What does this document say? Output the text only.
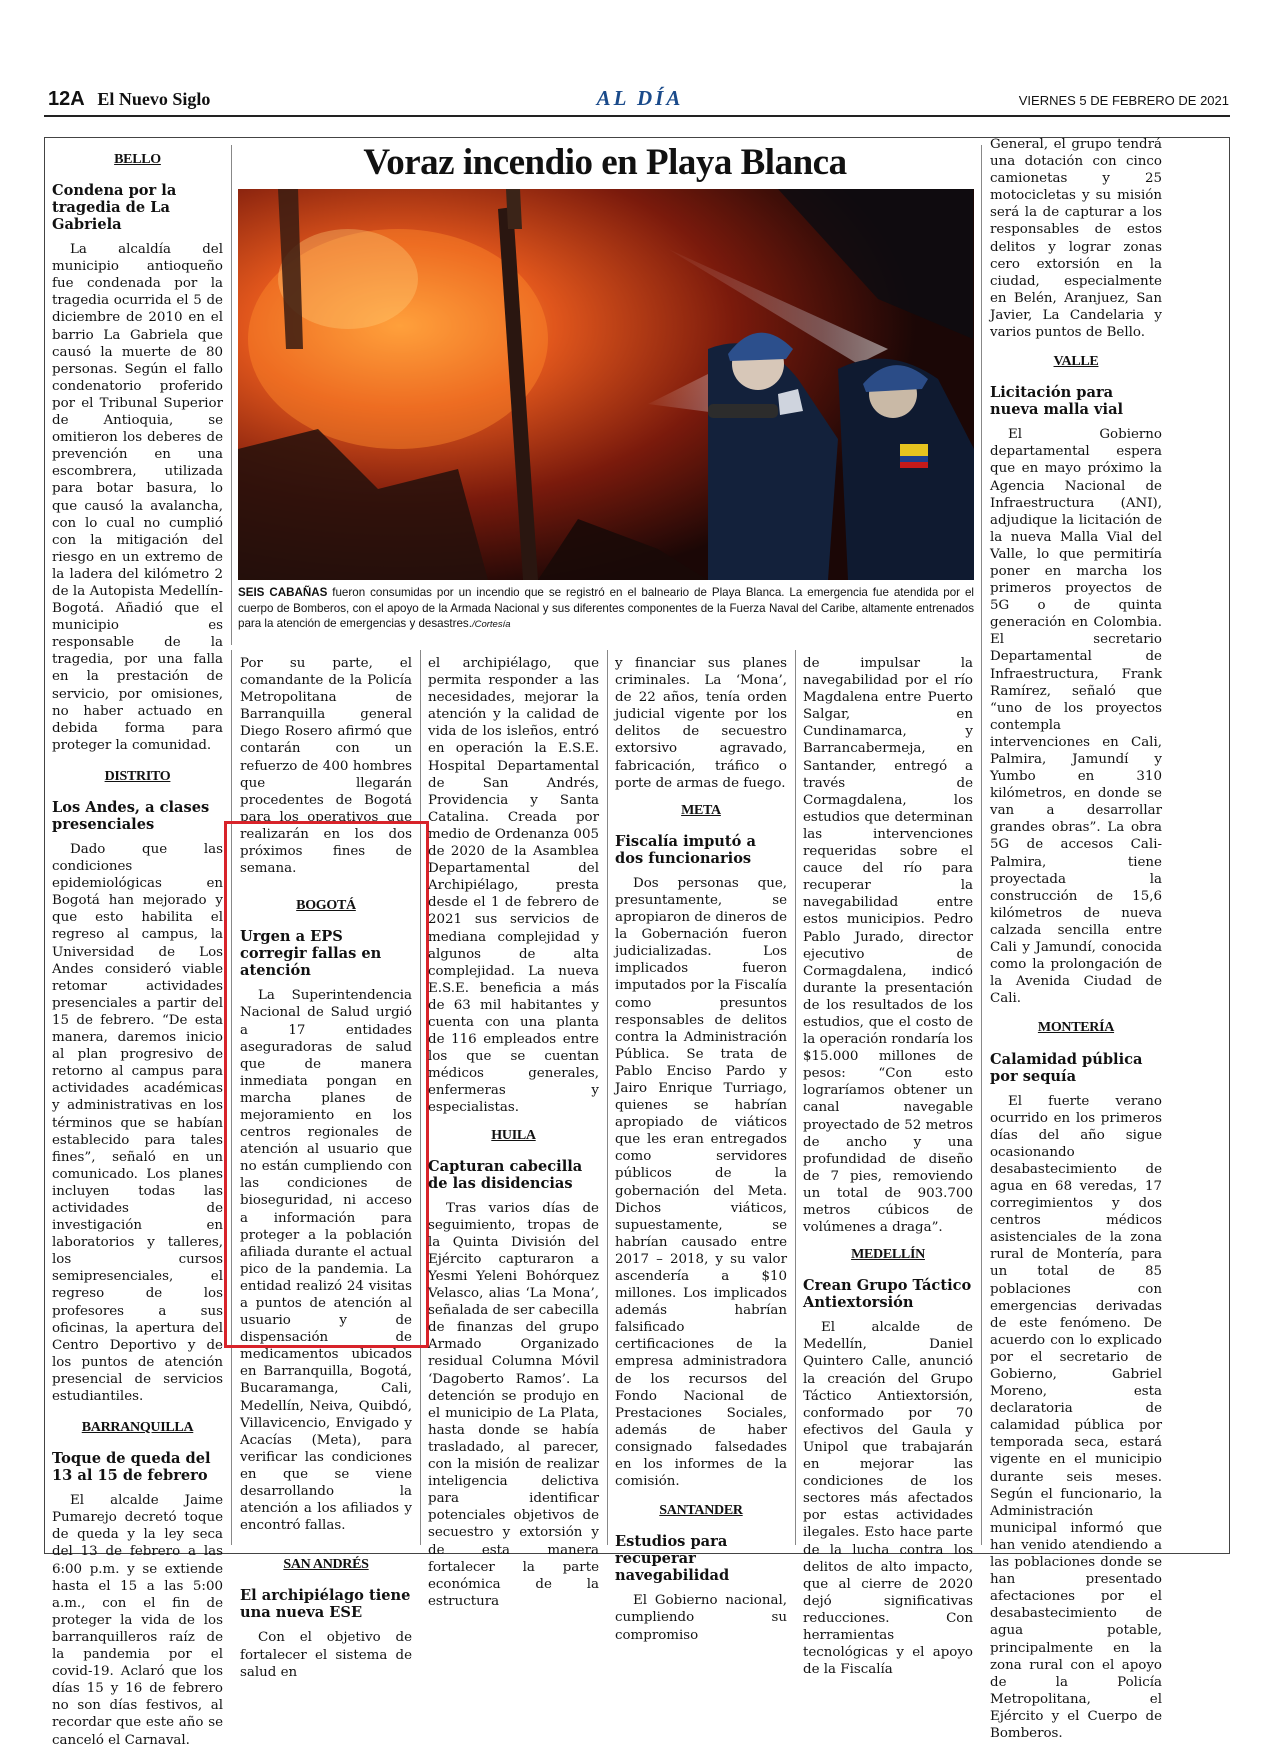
12A El Nuevo Siglo	AL DÍA	VIERNES 5 DE FEBRERO DE 2021
Voraz incendio en Playa Blanca
SEIS CABAÑAS fueron consumidas por un incendio que se registró en el balneario de Playa Blanca. La emergencia fue atendida por el cuerpo de Bomberos, con el apoyo de la Armada Nacional y sus diferentes componentes de la Fuerza Naval del Caribe, altamente entrenados para la atención de emergencias y desastres./Cortesía
BELLO
Condena por la tragedia de La Gabriela

La alcaldía del municipio antioqueño fue condenada por la tragedia ocurrida el 5 de diciembre de 2010 en el barrio La Gabriela que causó la muerte de 80 personas. Según el fallo condenatorio proferido por el Tribunal Superior de Antioquia, se omitieron los deberes de prevención en una escombrera, utilizada para botar basura, lo que causó la avalancha, con lo cual no cumplió con la mitigación del riesgo en un extremo de la ladera del kilómetro 2 de la Autopista Medellín-Bogotá. Añadió que el municipio es responsable de la tragedia, por una falla en la prestación de servicio, por omisiones, no haber actuado en debida forma para proteger la comunidad.

DISTRITO
Los Andes, a clases presenciales

Dado que las condiciones epidemiológicas en Bogotá han mejorado y que esto habilita el regreso al campus, la Universidad de Los Andes consideró viable retomar actividades presenciales a partir del 15 de febrero. “De esta manera, daremos inicio al plan progresivo de retorno al campus para actividades académicas y administrativas en los términos que se habían establecido para tales fines”, señaló en un comunicado. Los planes incluyen todas las actividades de investigación en laboratorios y talleres, los cursos semipresenciales, el regreso de los profesores a sus oficinas, la apertura del Centro Deportivo y de los puntos de atención presencial de servicios estudiantiles.

BARRANQUILLA
Toque de queda del 13 al 15 de febrero

El alcalde Jaime Pumarejo decretó toque de queda y la ley seca del 13 de febrero a las 6:00 p.m. y se extiende hasta el 15 a las 5:00 a.m., con el fin de proteger la vida de los barranquilleros raíz de la pandemia por el covid-19. Aclaró que los días 15 y 16 de febrero no son días festivos, al recordar que este año se canceló el Carnaval.

Por su parte, el comandante de la Policía Metropolitana de Barranquilla general Diego Rosero afirmó que contarán con un refuerzo de 400 hombres que llegarán procedentes de Bogotá para los operativos que realizarán en los dos próximos fines de semana.

BOGOTÁ
Urgen a EPS corregir fallas en atención

La Superintendencia Nacional de Salud urgió a 17 entidades aseguradoras de salud que de manera inmediata pongan en marcha planes de mejoramiento en los centros regionales de atención al usuario que no están cumpliendo con las condiciones de bioseguridad, ni acceso a información para proteger a la población afiliada durante el actual pico de la pandemia. La entidad realizó 24 visitas a puntos de atención al usuario y de dispensación de medicamentos ubicados en Barranquilla, Bogotá, Bucaramanga, Cali, Medellín, Neiva, Quibdó, Villavicencio, Envigado y Acacías (Meta), para verificar las condiciones en que se viene desarrollando la atención a los afiliados y encontró fallas.

SAN ANDRÉS
El archipiélago tiene una nueva ESE

Con el objetivo de fortalecer el sistema de salud en

el archipiélago, que permita responder a las necesidades, mejorar la atención y la calidad de vida de los isleños, entró en operación la E.S.E. Hospital Departamental de San Andrés, Providencia y Santa Catalina. Creada por medio de Ordenanza 005 de 2020 de la Asamblea Departamental del Archipiélago, presta desde el 1 de febrero de 2021 sus servicios de mediana complejidad y algunos de alta complejidad. La nueva E.S.E. beneficia a más de 63 mil habitantes y cuenta con una planta de 116 empleados entre los que se cuentan médicos generales, enfermeras y especialistas.

HUILA
Capturan cabecilla de las disidencias

Tras varios días de seguimiento, tropas de la Quinta División del Ejército capturaron a Yesmi Yeleni Bohórquez Velasco, alias ‘La Mona’, señalada de ser cabecilla de finanzas del grupo Armado Organizado residual Columna Móvil ‘Dagoberto Ramos’. La detención se produjo en el municipio de La Plata, hasta donde se había trasladado, al parecer, con la misión de realizar inteligencia delictiva para identificar potenciales objetivos de secuestro y extorsión y de esta manera fortalecer la parte económica de la estructura

y financiar sus planes criminales. La ‘Mona’, de 22 años, tenía orden judicial vigente por los delitos de secuestro extorsivo agravado, fabricación, tráfico o porte de armas de fuego.

META
Fiscalía imputó a dos funcionarios

Dos personas que, presuntamente, se apropiaron de dineros de la Gobernación fueron judicializadas. Los implicados fueron imputados por la Fiscalía como presuntos responsables de delitos contra la Administración Pública. Se trata de Pablo Enciso Pardo y Jairo Enrique Turriago, quienes se habrían apropiado de viáticos que les eran entregados como servidores públicos de la gobernación del Meta. Dichos viáticos, supuestamente, se habrían causado entre 2017 – 2018, y su valor ascendería a $10 millones. Los implicados además habrían falsificado certificaciones de la empresa administradora de los recursos del Fondo Nacional de Prestaciones Sociales, además de haber consignado falsedades en los informes de la comisión.

SANTANDER
Estudios para recuperar navegabilidad

El Gobierno nacional, cumpliendo su compromiso

de impulsar la navegabilidad por el río Magdalena entre Puerto Salgar, en Cundinamarca, y Barrancabermeja, en Santander, entregó a través de Cormagdalena, los estudios que determinan las intervenciones requeridas sobre el cauce del río para recuperar la navegabilidad entre estos municipios. Pedro Pablo Jurado, director ejecutivo de Cormagdalena, indicó durante la presentación de los resultados de los estudios, que el costo de la operación rondaría los $15.000 millones de pesos: “Con esto lograríamos obtener un canal navegable proyectado de 52 metros de ancho y una profundidad de diseño de 7 pies, removiendo un total de 903.700 metros cúbicos de volúmenes a draga”.

MEDELLÍN
Crean Grupo Táctico Antiextorsión

El alcalde de Medellín, Daniel Quintero Calle, anunció la creación del Grupo Táctico Antiextorsión, conformado por 70 efectivos del Gaula y Unipol que trabajarán en mejorar las condiciones de los sectores más afectados por estas actividades ilegales. Esto hace parte de la lucha contra los delitos de alto impacto, que al cierre de 2020 dejó significativas reducciones. Con herramientas tecnológicas y el apoyo de la Fiscalía

General, el grupo tendrá una dotación con cinco camionetas y 25 motocicletas y su misión será la de capturar a los responsables de estos delitos y lograr zonas cero extorsión en la ciudad, especialmente en Belén, Aranjuez, San Javier, La Candelaria y varios puntos de Bello.

VALLE
Licitación para nueva malla vial

El Gobierno departamental espera que en mayo próximo la Agencia Nacional de Infraestructura (ANI), adjudique la licitación de la nueva Malla Vial del Valle, lo que permitiría poner en marcha los primeros proyectos de 5G o de quinta generación en Colombia. El secretario Departamental de Infraestructura, Frank Ramírez, señaló que “uno de los proyectos contempla intervenciones en Cali, Palmira, Jamundí y Yumbo en 310 kilómetros, en donde se van a desarrollar grandes obras”. La obra 5G de accesos Cali-Palmira, tiene proyectada la construcción de 15,6 kilómetros de nueva calzada sencilla entre Cali y Jamundí, conocida como la prolongación de la Avenida Ciudad de Cali.

MONTERÍA
Calamidad pública por sequía

El fuerte verano ocurrido en los primeros días del año sigue ocasionando desabastecimiento de agua en 68 veredas, 17 corregimientos y dos centros médicos asistenciales de la zona rural de Montería, para un total de 85 poblaciones con emergencias derivadas de este fenómeno. De acuerdo con lo explicado por el secretario de Gobierno, Gabriel Moreno, esta declaratoria de calamidad pública por temporada seca, estará vigente en el municipio durante seis meses. Según el funcionario, la Administración municipal informó que han venido atendiendo a las poblaciones donde se han presentado afectaciones por el desabastecimiento de agua potable, principalmente en la zona rural con el apoyo de la Policía Metropolitana, el Ejército y el Cuerpo de Bomberos.
